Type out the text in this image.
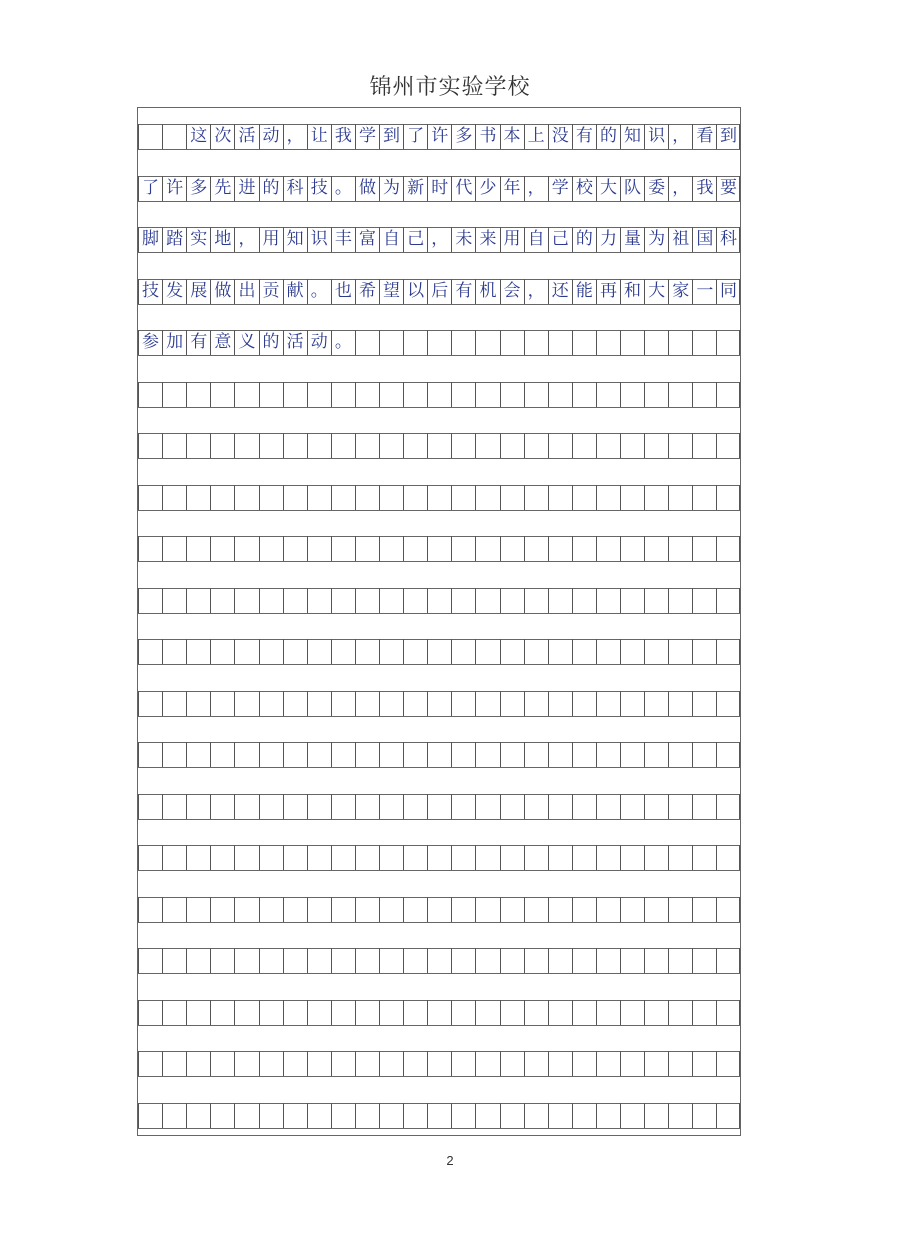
锦州市实验学校
这 次 活 动 ， 让 我 学 到 了 许 多 书 本 上 没 有 的 知 识 ， 看 到
了 许 多 先 进 的 科 技 。 做 为 新 时 代 少 年 ， 学 校 大 队 委 ， 我 要
脚 踏 实 地 ， 用 知 识 丰 富 自 己 ， 未 来 用 自 己 的 力 量 为 祖 国 科
技 发 展 做 出 贡 献 。 也 希 望 以 后 有 机 会 ， 还 能 再 和 大 家 一 同
参 加 有 意 义 的 活 动 。
2
